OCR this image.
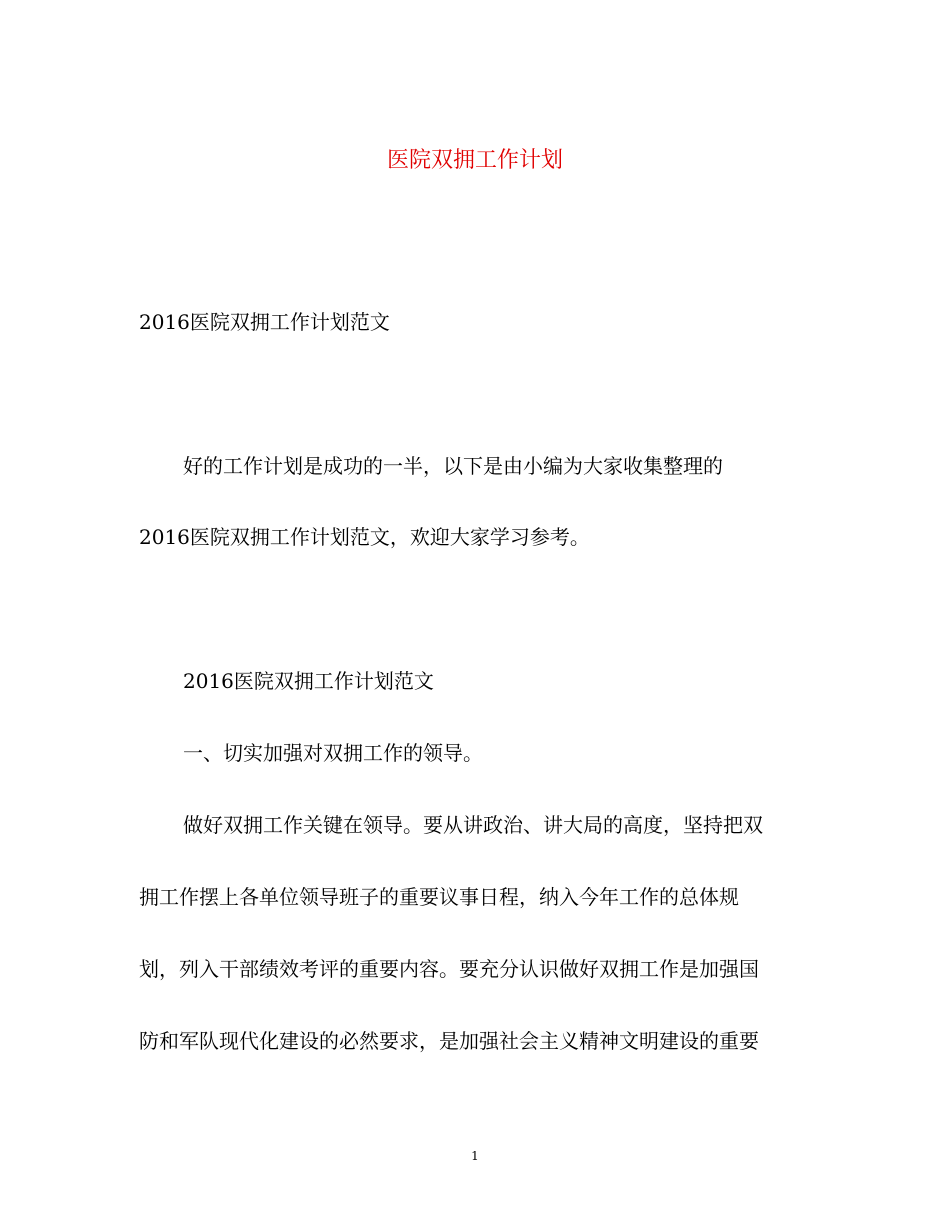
医院双拥工作计划
2016医院双拥工作计划范文
好的工作计划是成功的一半，以下是由小编为大家收集整理的
2016医院双拥工作计划范文，欢迎大家学习参考。
2016医院双拥工作计划范文
一、切实加强对双拥工作的领导。
做好双拥工作关键在领导。要从讲政治、讲大局的高度，坚持把双
拥工作摆上各单位领导班子的重要议事日程，纳入今年工作的总体规
划，列入干部绩效考评的重要内容。要充分认识做好双拥工作是加强国
防和军队现代化建设的必然要求，是加强社会主义精神文明建设的重要
1
